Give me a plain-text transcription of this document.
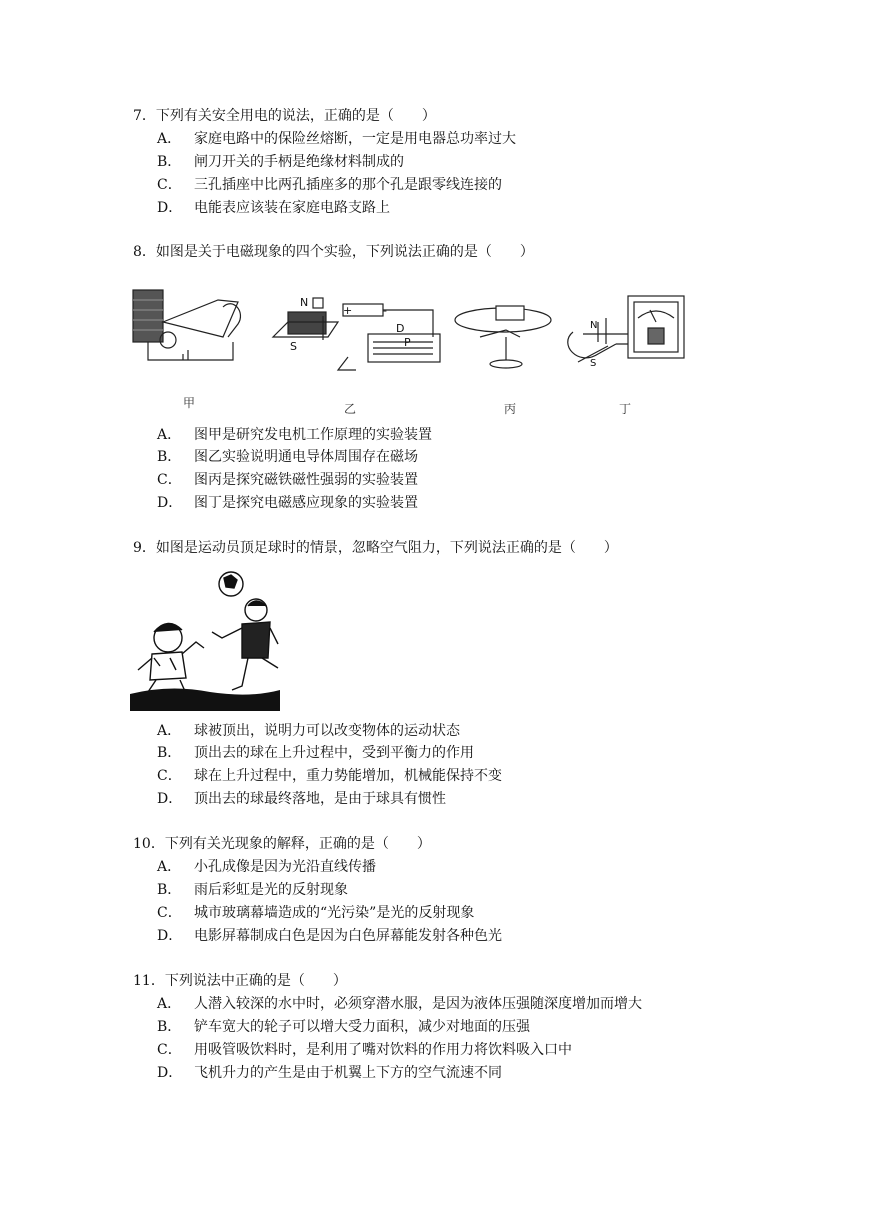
7．下列有关安全用电的说法，正确的是（　　）
A． 家庭电路中的保险丝熔断，一定是用电器总功率过大
B． 闸刀开关的手柄是绝缘材料制成的
C． 三孔插座中比两孔插座多的那个孔是跟零线连接的
D． 电能表应该装在家庭电路支路上
8．如图是关于电磁现象的四个实验，下列说法正确的是（　　）
N
S
+	-
D
P
N
S
甲	乙	丙	丁
A． 图甲是研究发电机工作原理的实验装置
B． 图乙实验说明通电导体周围存在磁场
C． 图丙是探究磁铁磁性强弱的实验装置
D． 图丁是探究电磁感应现象的实验装置
9．如图是运动员顶足球时的情景，忽略空气阻力，下列说法正确的是（　　）
A． 球被顶出，说明力可以改变物体的运动状态
B． 顶出去的球在上升过程中，受到平衡力的作用
C． 球在上升过程中，重力势能增加，机械能保持不变
D． 顶出去的球最终落地，是由于球具有惯性
10．下列有关光现象的解释，正确的是（　　）
A． 小孔成像是因为光沿直线传播
B． 雨后彩虹是光的反射现象
C． 城市玻璃幕墙造成的“光污染”是光的反射现象
D． 电影屏幕制成白色是因为白色屏幕能发射各种色光
11．下列说法中正确的是（　　）
A． 人潜入较深的水中时，必须穿潜水服，是因为液体压强随深度增加而增大
B． 铲车宽大的轮子可以增大受力面积，减少对地面的压强
C． 用吸管吸饮料时，是利用了嘴对饮料的作用力将饮料吸入口中
D． 飞机升力的产生是由于机翼上下方的空气流速不同
